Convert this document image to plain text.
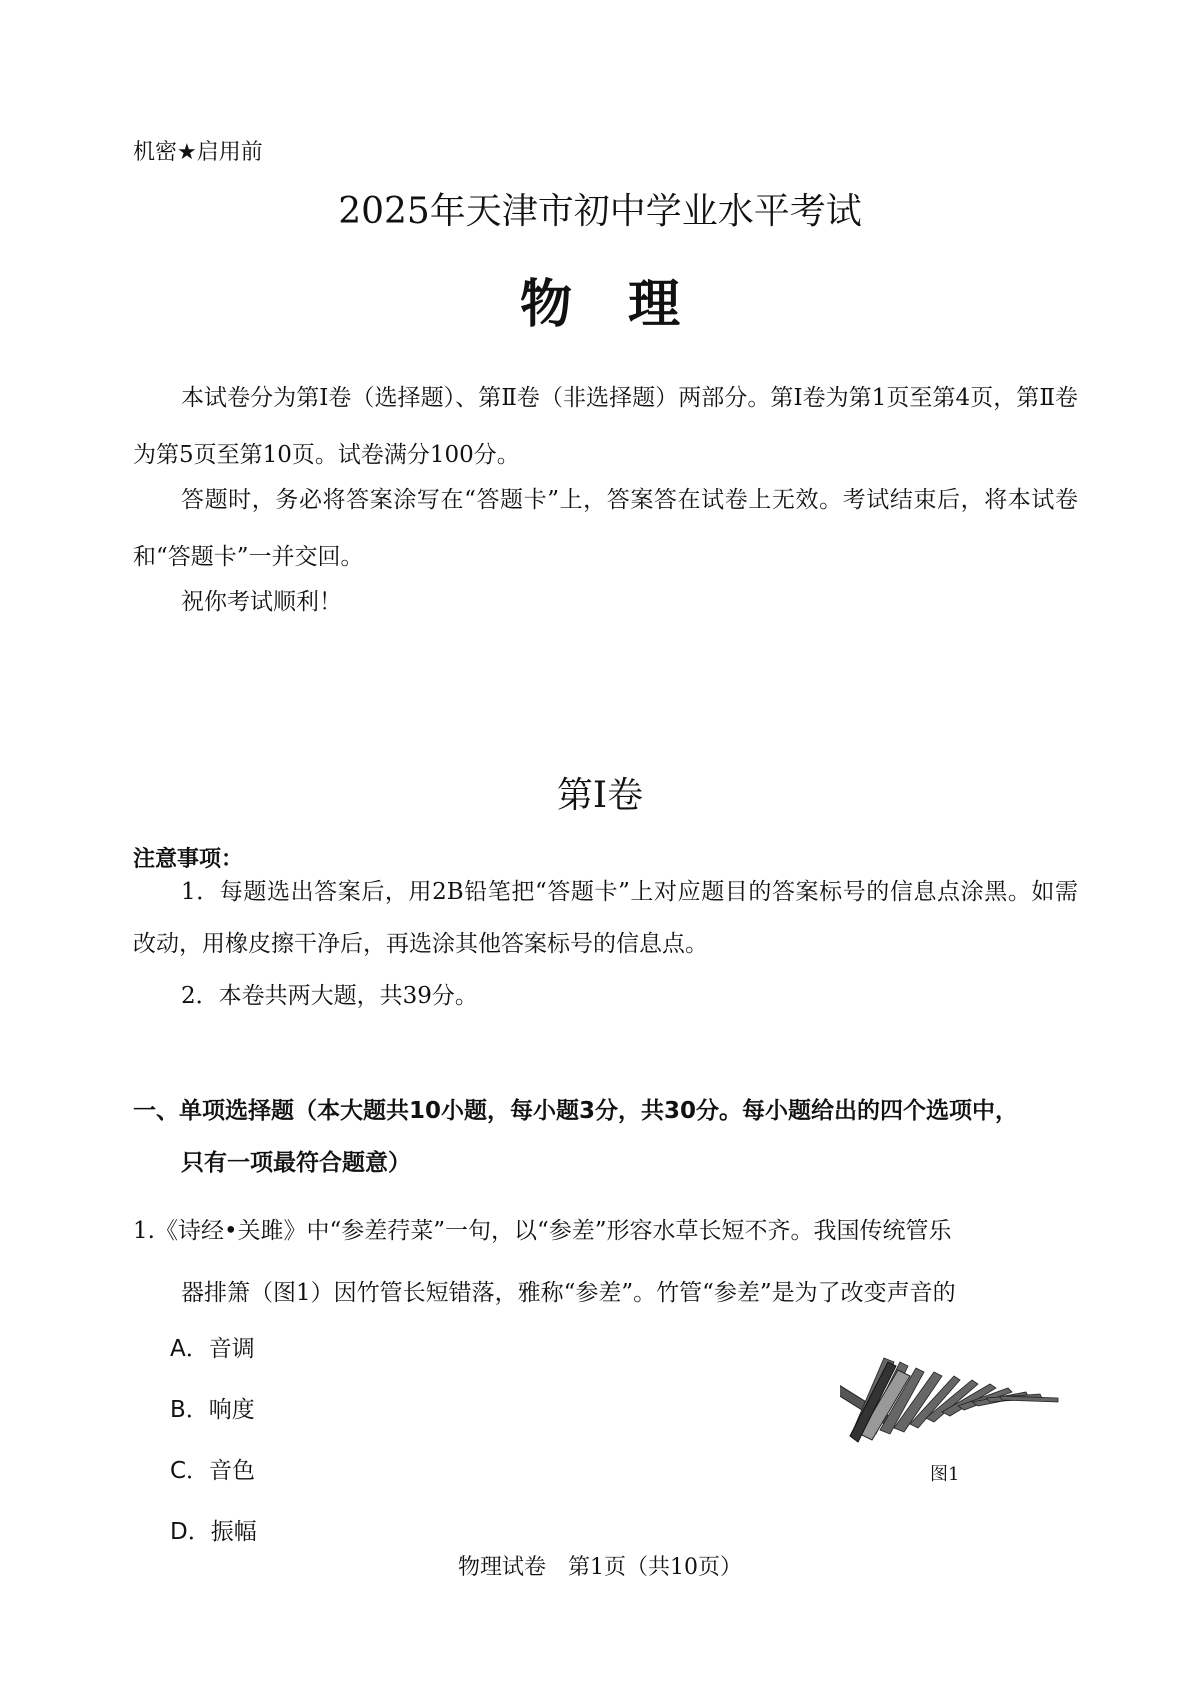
机密★启用前
2025年天津市初中学业水平考试
物理
本试卷分为第Ⅰ卷（选择题）、第Ⅱ卷（非选择题）两部分。第Ⅰ卷为第1页至第4页，第Ⅱ卷为第5页至第10页。试卷满分100分。
答题时，务必将答案涂写在“答题卡”上，答案答在试卷上无效。考试结束后，将本试卷和“答题卡”一并交回。
祝你考试顺利！
第Ⅰ卷
注意事项：
1．每题选出答案后，用2B铅笔把“答题卡”上对应题目的答案标号的信息点涂黑。如需改动，用橡皮擦干净后，再选涂其他答案标号的信息点。
2．本卷共两大题，共39分。
一、单项选择题（本大题共10小题，每小题3分，共30分。每小题给出的四个选项中，
只有一项最符合题意）
1.《诗经•关雎》中“参差荇菜”一句，以“参差”形容水草长短不齐。我国传统管乐
器排箫（图1）因竹管长短错落，雅称“参差”。竹管“参差”是为了改变声音的
A．音调
B．响度
C．音色
D．振幅
图1
物理试卷　第1页（共10页）
